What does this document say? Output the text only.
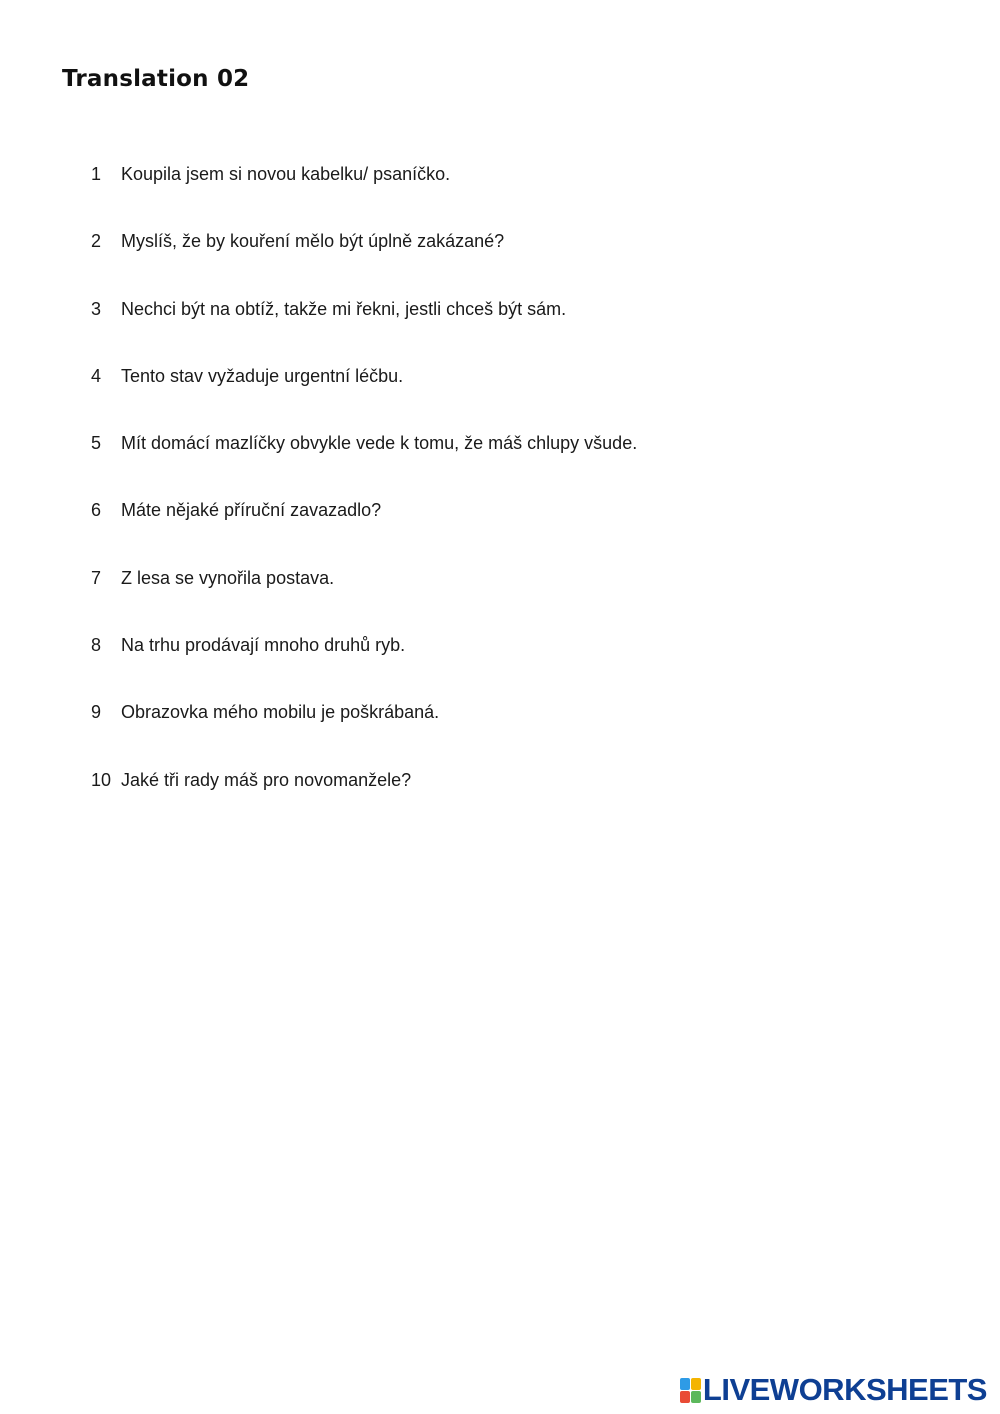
Translation 02
1 Koupila jsem si novou kabelku/ psaníčko.
2 Myslíš, že by kouření mělo být úplně zakázané?
3 Nechci být na obtíž, takže mi řekni, jestli chceš být sám.
4 Tento stav vyžaduje urgentní léčbu.
5 Mít domácí mazlíčky obvykle vede k tomu, že máš chlupy všude.
6 Máte nějaké příruční zavazadlo?
7 Z lesa se vynořila postava.
8 Na trhu prodávají mnoho druhů ryb.
9 Obrazovka mého mobilu je poškrábaná.
10 Jaké tři rady máš pro novomanžele?
LIVEWORKSHEETS
